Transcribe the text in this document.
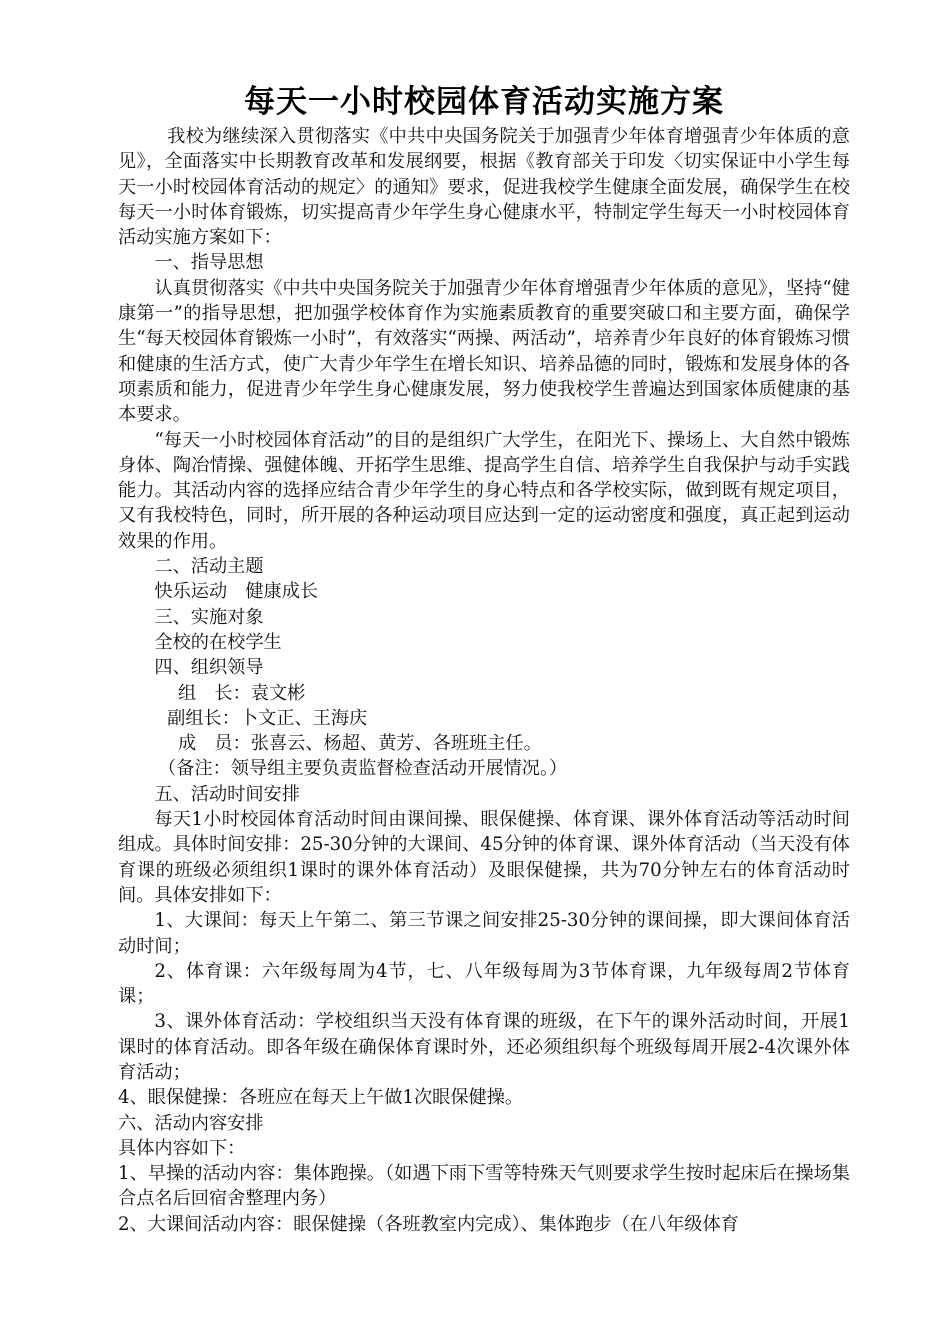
每天一小时校园体育活动实施方案

我校为继续深入贯彻落实《中共中央国务院关于加强青少年体育增强青少年体质的意见》，全面落实中长期教育改革和发展纲要，根据《教育部关于印发〈切实保证中小学生每天一小时校园体育活动的规定〉的通知》要求，促进我校学生健康全面发展，确保学生在校每天一小时体育锻炼，切实提高青少年学生身心健康水平，特制定学生每天一小时校园体育活动实施方案如下：

一、指导思想

认真贯彻落实《中共中央国务院关于加强青少年体育增强青少年体质的意见》，坚持“健康第一”的指导思想，把加强学校体育作为实施素质教育的重要突破口和主要方面，确保学生“每天校园体育锻炼一小时”，有效落实“两操、两活动”，培养青少年良好的体育锻炼习惯和健康的生活方式，使广大青少年学生在增长知识、培养品德的同时，锻炼和发展身体的各项素质和能力，促进青少年学生身心健康发展，努力使我校学生普遍达到国家体质健康的基本要求。

“每天一小时校园体育活动”的目的是组织广大学生，在阳光下、操场上、大自然中锻炼身体、陶冶情操、强健体魄、开拓学生思维、提高学生自信、培养学生自我保护与动手实践能力。其活动内容的选择应结合青少年学生的身心特点和各学校实际，做到既有规定项目，又有我校特色，同时，所开展的各种运动项目应达到一定的运动密度和强度，真正起到运动效果的作用。

二、活动主题

快乐运动　健康成长

三、实施对象

全校的在校学生

四、组织领导

组　长：袁文彬

副组长：卜文正、王海庆

成　员：张喜云、杨超、黄芳、各班班主任。

（备注：领导组主要负责监督检查活动开展情况。）

五、活动时间安排

每天1小时校园体育活动时间由课间操、眼保健操、体育课、课外体育活动等活动时间组成。具体时间安排：25-30分钟的大课间、45分钟的体育课、课外体育活动（当天没有体育课的班级必须组织1课时的课外体育活动）及眼保健操，共为70分钟左右的体育活动时间。具体安排如下：

1、大课间：每天上午第二、第三节课之间安排25-30分钟的课间操，即大课间体育活动时间；

2、体育课：六年级每周为4节，七、八年级每周为3节体育课，九年级每周2节体育课；

3、课外体育活动：学校组织当天没有体育课的班级，在下午的课外活动时间，开展1课时的体育活动。即各年级在确保体育课时外，还必须组织每个班级每周开展2-4次课外体育活动；

4、眼保健操：各班应在每天上午做1次眼保健操。

六、活动内容安排

具体内容如下：

1、早操的活动内容：集体跑操。（如遇下雨下雪等特殊天气则要求学生按时起床后在操场集合点名后回宿舍整理内务）

2、大课间活动内容：眼保健操（各班教室内完成）、集体跑步（在八年级体育
